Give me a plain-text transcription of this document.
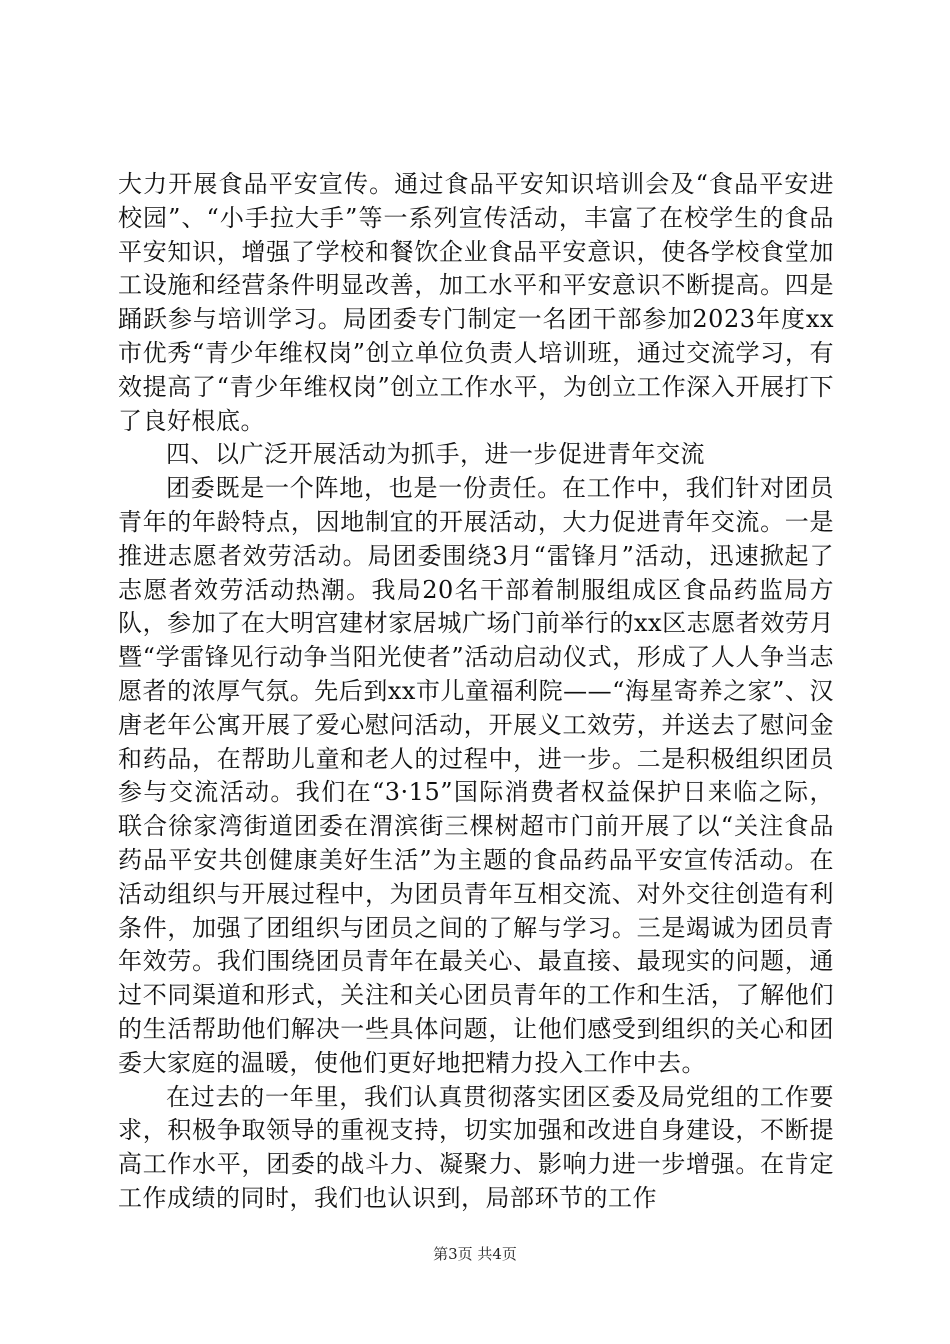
大力开展食品平安宣传。通过食品平安知识培训会及“食品平安进校园”、“小手拉大手”等一系列宣传活动，丰富了在校学生的食品平安知识，增强了学校和餐饮企业食品平安意识，使各学校食堂加工设施和经营条件明显改善，加工水平和平安意识不断提高。四是踊跃参与培训学习。局团委专门制定一名团干部参加2023年度xx市优秀“青少年维权岗”创立单位负责人培训班，通过交流学习，有效提高了“青少年维权岗”创立工作水平，为创立工作深入开展打下了良好根底。

四、以广泛开展活动为抓手，进一步促进青年交流

团委既是一个阵地，也是一份责任。在工作中，我们针对团员青年的年龄特点，因地制宜的开展活动，大力促进青年交流。一是推进志愿者效劳活动。局团委围绕3月“雷锋月”活动，迅速掀起了志愿者效劳活动热潮。我局20名干部着制服组成区食品药监局方队，参加了在大明宫建材家居城广场门前举行的xx区志愿者效劳月暨“学雷锋见行动争当阳光使者”活动启动仪式，形成了人人争当志愿者的浓厚气氛。先后到xx市儿童福利院——“海星寄养之家”、汉唐老年公寓开展了爱心慰问活动，开展义工效劳，并送去了慰问金和药品，在帮助儿童和老人的过程中，进一步。二是积极组织团员参与交流活动。我们在“3·15”国际消费者权益保护日来临之际，联合徐家湾街道团委在渭滨街三棵树超市门前开展了以“关注食品药品平安共创健康美好生活”为主题的食品药品平安宣传活动。在活动组织与开展过程中，为团员青年互相交流、对外交往创造有利条件，加强了团组织与团员之间的了解与学习。三是竭诚为团员青年效劳。我们围绕团员青年在最关心、最直接、最现实的问题，通过不同渠道和形式，关注和关心团员青年的工作和生活，了解他们的生活帮助他们解决一些具体问题，让他们感受到组织的关心和团委大家庭的温暖，使他们更好地把精力投入工作中去。

在过去的一年里，我们认真贯彻落实团区委及局党组的工作要求，积极争取领导的重视支持，切实加强和改进自身建设，不断提高工作水平，团委的战斗力、凝聚力、影响力进一步增强。在肯定工作成绩的同时，我们也认识到，局部环节的工作

第3页 共4页
